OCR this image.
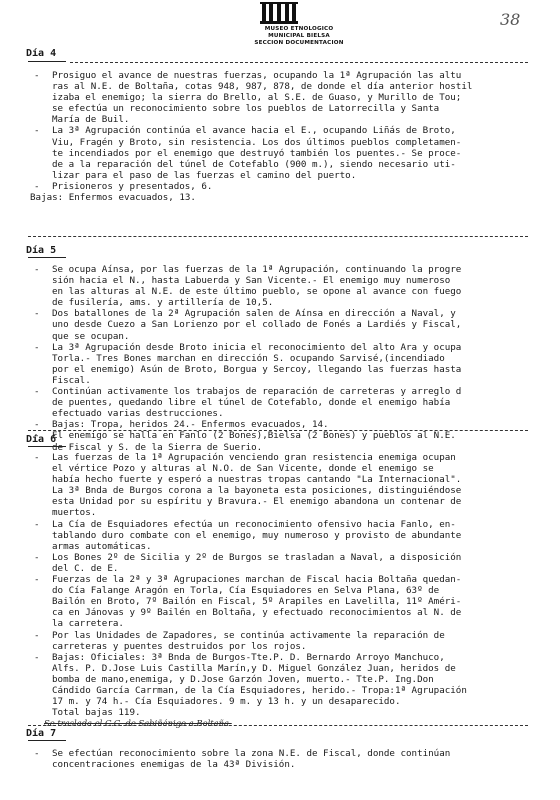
MUSEO ETNOLOGICO
MUNICIPAL BIELSA
SECCION DOCUMENTACION
38
Día 4
- Prosiguo el avance de nuestras fuerzas, ocupando la 1ª Agrupación las altu
ras al N.E. de Boltaña, cotas 948, 987, 878, de donde el día anterior hostil
izaba el enemigo; la sierra do Brello, al S.E. de Guaso, y Murillo de Tou;
se efectúa un reconocimiento sobre los pueblos de Latorrecilla y Santa
María de Buil.
- La 3ª Agrupación continúa el avance hacia el E., ocupando Liñás de Broto,
Viu, Fragén y Broto, sin resistencia. Los dos últimos pueblos completamen-
te incendiados por el enemigo que destruyó también los puentes.- Se proce-
de a la reparación del túnel de Cotefablo (900 m.), siendo necesario uti-
lizar para el paso de las fuerzas el camino del puerto.
- Prisioneros y presentados, 6.
Bajas: Enfermos evacuados, 13.
Día 5
- Se ocupa Aínsa, por las fuerzas de la 1ª Agrupación, continuando la progre
sión hacia el N., hasta Labuerda y San Vicente.- El enemigo muy numeroso
en las alturas al N.E. de este último pueblo, se opone al avance con fuego
de fusilería, ams. y artillería de 10,5.
- Dos batallones de la 2ª Agrupación salen de Aínsa en dirección a Naval, y
uno desde Cuezo a San Lorienzo por el collado de Fonés a Lardiés y Fiscal,
que se ocupan.
- La 3ª Agrupación desde Broto inicia el reconocimiento del alto Ara y ocupa
Torla.- Tres Bones marchan en dirección S. ocupando Sarvisé,(incendiado
por el enemigo) Asún de Broto, Borgua y Sercoy, llegando las fuerzas hasta
Fiscal.
- Continúan activamente los trabajos de reparación de carreteras y arreglo d
de puentes, quedando libre el túnel de Cotefablo, donde el enemigo había
efectuado varias destrucciones.
- Bajas: Tropa, heridos 24.- Enfermos evacuados, 14.
- El enemigo se halla en Fanlo (2 Bones),Bielsa (2 Bones) y pueblos al N.E.
de Fiscal y S. de la Sierra de Suerio.
Día 6
- Las fuerzas de la 1ª Agrupación venciendo gran resistencia enemiga ocupan
el vértice Pozo y alturas al N.O. de San Vicente, donde el enemigo se
había hecho fuerte y esperó a nuestras tropas cantando "La Internacional".
La 3ª Bnda de Burgos corona a la bayoneta esta posiciones, distinguiéndose
esta Unidad por su espíritu y Bravura.- El enemigo abandona un contenar de
muertos.
- La Cía de Esquiadores efectúa un reconocimiento ofensivo hacia Fanlo, en-
tablando duro combate con el enemigo, muy numeroso y provisto de abundante
armas automáticas.
- Los Bones 2º de Sicilia y 2º de Burgos se trasladan a Naval, a disposición
del C. de E.
- Fuerzas de la 2ª y 3ª Agrupaciones marchan de Fiscal hacia Boltaña quedan-
do Cía Falange Aragón en Torla, Cía Esquiadores en Selva Plana, 63º de
Bailón en Broto, 7º Bailón en Fiscal, 5º Arapiles en Lavelilla, 11º Améri-
ca en Jánovas y 9º Bailén en Boltaña, y efectuado reconocimientos al N. de
la carretera.
- Por las Unidades de Zapadores, se continúa activamente la reparación de
carreteras y puentes destruidos por los rojos.
- Bajas: Oficiales: 3ª Bnda de Burgos-Tte.P. D. Bernardo Arroyo Manchuco,
Alfs. P. D.Jose Luis Castilla Marín,y D. Miguel González Juan, heridos de
bomba de mano,enemiga, y D.Jose Garzón Joven, muerto.- Tte.P. Ing.Don
Cándido García Carrman, de la Cía Esquiadores, herido.- Tropa:1ª Agrupación
17 m. y 74 h.- Cía Esquiadores. 9 m. y 13 h. y un desaparecido.
Total bajas 119.
Se traslada el C.G. de Sabiñánigo a Boltaña.
Día 7
- Se efectúan reconocimiento sobre la zona N.E. de Fiscal, donde continúan
concentraciones enemigas de la 43ª División.
